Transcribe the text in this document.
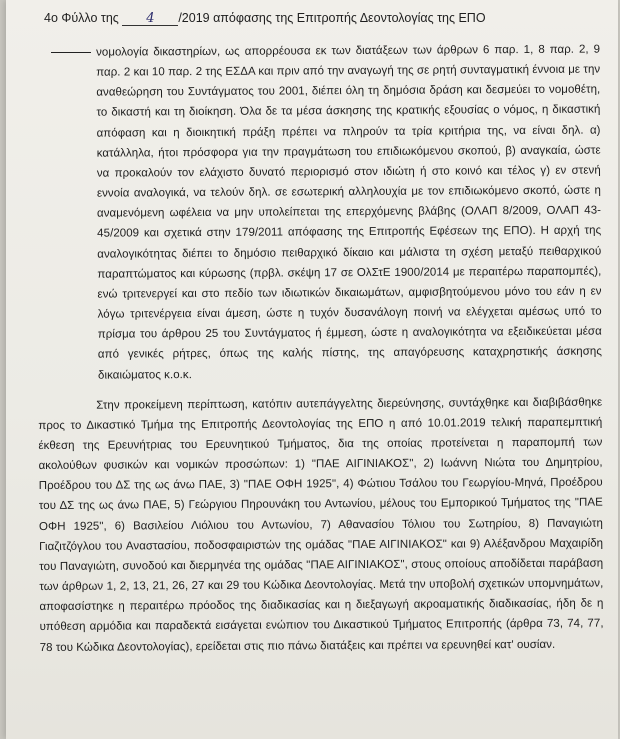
4ο Φύλλο της 4 /2019 απόφασης της Επιτροπής Δεοντολογίας της ΕΠΟ

νομολογία δικαστηρίων, ως απορρέουσα εκ των διατάξεων των άρθρων 6 παρ. 1, 8 παρ. 2, 9 παρ. 2 και 10 παρ. 2 της ΕΣΔΑ και πριν από την αναγωγή της σε ρητή συνταγματική έννοια με την αναθεώρηση του Συντάγματος του 2001, διέπει όλη τη δημόσια δράση και δεσμεύει το νομοθέτη, το δικαστή και τη διοίκηση. Όλα δε τα μέσα άσκησης της κρατικής εξουσίας ο νόμος, η δικαστική απόφαση και η διοικητική πράξη πρέπει να πληρούν τα τρία κριτήρια της, να είναι δηλ. α) κατάλληλα, ήτοι πρόσφορα για την πραγμάτωση του επιδιωκόμενου σκοπού, β) αναγκαία, ώστε να προκαλούν τον ελάχιστο δυνατό περιορισμό στον ιδιώτη ή στο κοινό και τέλος γ) εν στενή εννοία αναλογικά, να τελούν δηλ. σε εσωτερική αλληλουχία με τον επιδιωκόμενο σκοπό, ώστε η αναμενόμενη ωφέλεια να μην υπολείπεται της επερχόμενης βλάβης (ΟΛΑΠ 8/2009, ΟΛΑΠ 43-45/2009 και σχετικά στην 179/2011 απόφασης της Επιτροπής Εφέσεων της ΕΠΟ). Η αρχή της αναλογικότητας διέπει το δημόσιο πειθαρχικό δίκαιο και μάλιστα τη σχέση μεταξύ πειθαρχικού παραπτώματος και κύρωσης (πρβλ. σκέψη 17 σε ΟλΣτΕ 1900/2014 με περαιτέρω παραπομπές), ενώ τριτενεργεί και στο πεδίο των ιδιωτικών δικαιωμάτων, αμφισβητούμενου μόνο του εάν η εν λόγω τριτενέργεια είναι άμεση, ώστε η τυχόν δυσανάλογη ποινή να ελέγχεται αμέσως υπό το πρίσμα του άρθρου 25 του Συντάγματος ή έμμεση, ώστε η αναλογικότητα να εξειδικεύεται μέσα από γενικές ρήτρες, όπως της καλής πίστης, της απαγόρευσης καταχρηστικής άσκησης δικαιώματος κ.ο.κ.

Στην προκείμενη περίπτωση, κατόπιν αυτεπάγγελτης διερεύνησης, συντάχθηκε και διαβιβάσθηκε προς το Δικαστικό Τμήμα της Επιτροπής Δεοντολογίας της ΕΠΟ η από 10.01.2019 τελική παραπεμπτική έκθεση της Ερευνήτριας του Ερευνητικού Τμήματος, δια της οποίας προτείνεται η παραπομπή των ακολούθων φυσικών και νομικών προσώπων: 1) "ΠΑΕ ΑΙΓΙΝΙΑΚΟΣ", 2) Ιωάννη Νιώτα του Δημητρίου, Προέδρου του ΔΣ της ως άνω ΠΑΕ, 3) "ΠΑΕ ΟΦΗ 1925", 4) Φώτιου Τσάλου του Γεωργίου-Μηνά, Προέδρου του ΔΣ της ως άνω ΠΑΕ, 5) Γεώργιου Πηρουνάκη του Αντωνίου, μέλους του Εμπορικού Τμήματος της "ΠΑΕ ΟΦΗ 1925", 6) Βασιλείου Λιόλιου του Αντωνίου, 7) Αθανασίου Τόλιου του Σωτηρίου, 8) Παναγιώτη Γιαζιτζόγλου του Αναστασίου, ποδοσφαιριστών της ομάδας "ΠΑΕ ΑΙΓΙΝΙΑΚΟΣ" και 9) Αλέξανδρου Μαχαιρίδη του Παναγιώτη, συνοδού και διερμηνέα της ομάδας "ΠΑΕ ΑΙΓΙΝΙΑΚΟΣ", στους οποίους αποδίδεται παράβαση των άρθρων 1, 2, 13, 21, 26, 27 και 29 του Κώδικα Δεοντολογίας. Μετά την υποβολή σχετικών υπομνημάτων, αποφασίστηκε η περαιτέρω πρόοδος της διαδικασίας και η διεξαγωγή ακροαματικής διαδικασίας, ήδη δε η υπόθεση αρμόδια και παραδεκτά εισάγεται ενώπιον του Δικαστικού Τμήματος Επιτροπής (άρθρα 73, 74, 77, 78 του Κώδικα Δεοντολογίας), ερείδεται στις πιο πάνω διατάξεις και πρέπει να ερευνηθεί κατ' ουσίαν.
